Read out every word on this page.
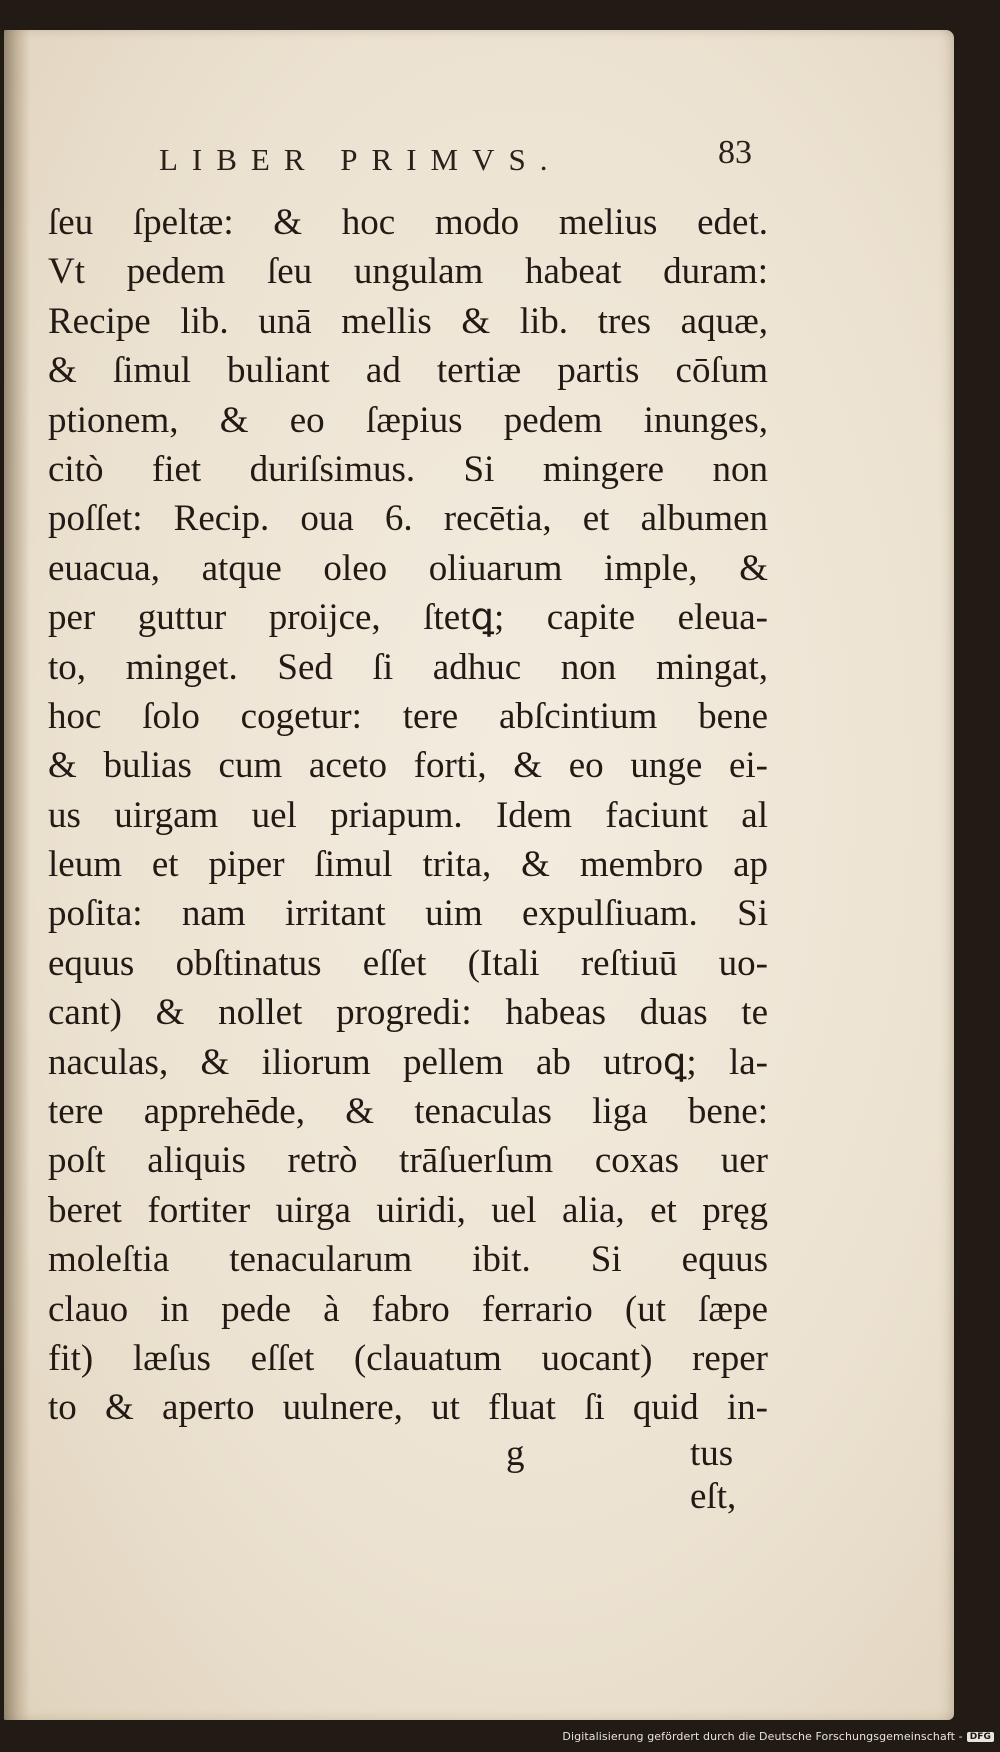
LIBER PRIMVS.	83
ſeu ſpeltæ: & hoc modo melius edet.
Vt pedem ſeu ungulam habeat duram:
Recipe lib. unā mellis & lib. tres aquæ,
& ſimul buliant ad tertiæ partis cōſum
ptionem, & eo ſæpius pedem inunges,
citò fiet duriſsimus. Si mingere non
poſſet: Recip. oua 6. recētia, et albumen
euacua, atque oleo oliuarum imple, &
per guttur proijce, ſtetꝗ; capite eleua-
to, minget. Sed ſi adhuc non mingat,
hoc ſolo cogetur: tere abſcintium bene
& bulias cum aceto forti, & eo unge ei-
us uirgam uel priapum. Idem faciunt al
leum et piper ſimul trita, & membro ap
poſita: nam irritant uim expulſiuam. Si
equus obſtinatus eſſet (Itali reſtiuū uo-
cant) & nollet progredi: habeas duas te
naculas, & iliorum pellem ab utroꝗ; la-
tere apprehēde, & tenaculas liga bene:
poſt aliquis retrò trāſuerſum coxas uer
beret fortiter uirga uiridi, uel alia, et pręg
moleſtia tenacularum ibit. Si equus
clauo in pede à fabro ferrario (ut ſæpe
fit) læſus eſſet (clauatum uocant) reper
to & aperto uulnere, ut fluat ſi quid in-
g	tus eſt,
Digitalisierung gefördert durch die Deutsche Forschungsgemeinschaft - DFG
